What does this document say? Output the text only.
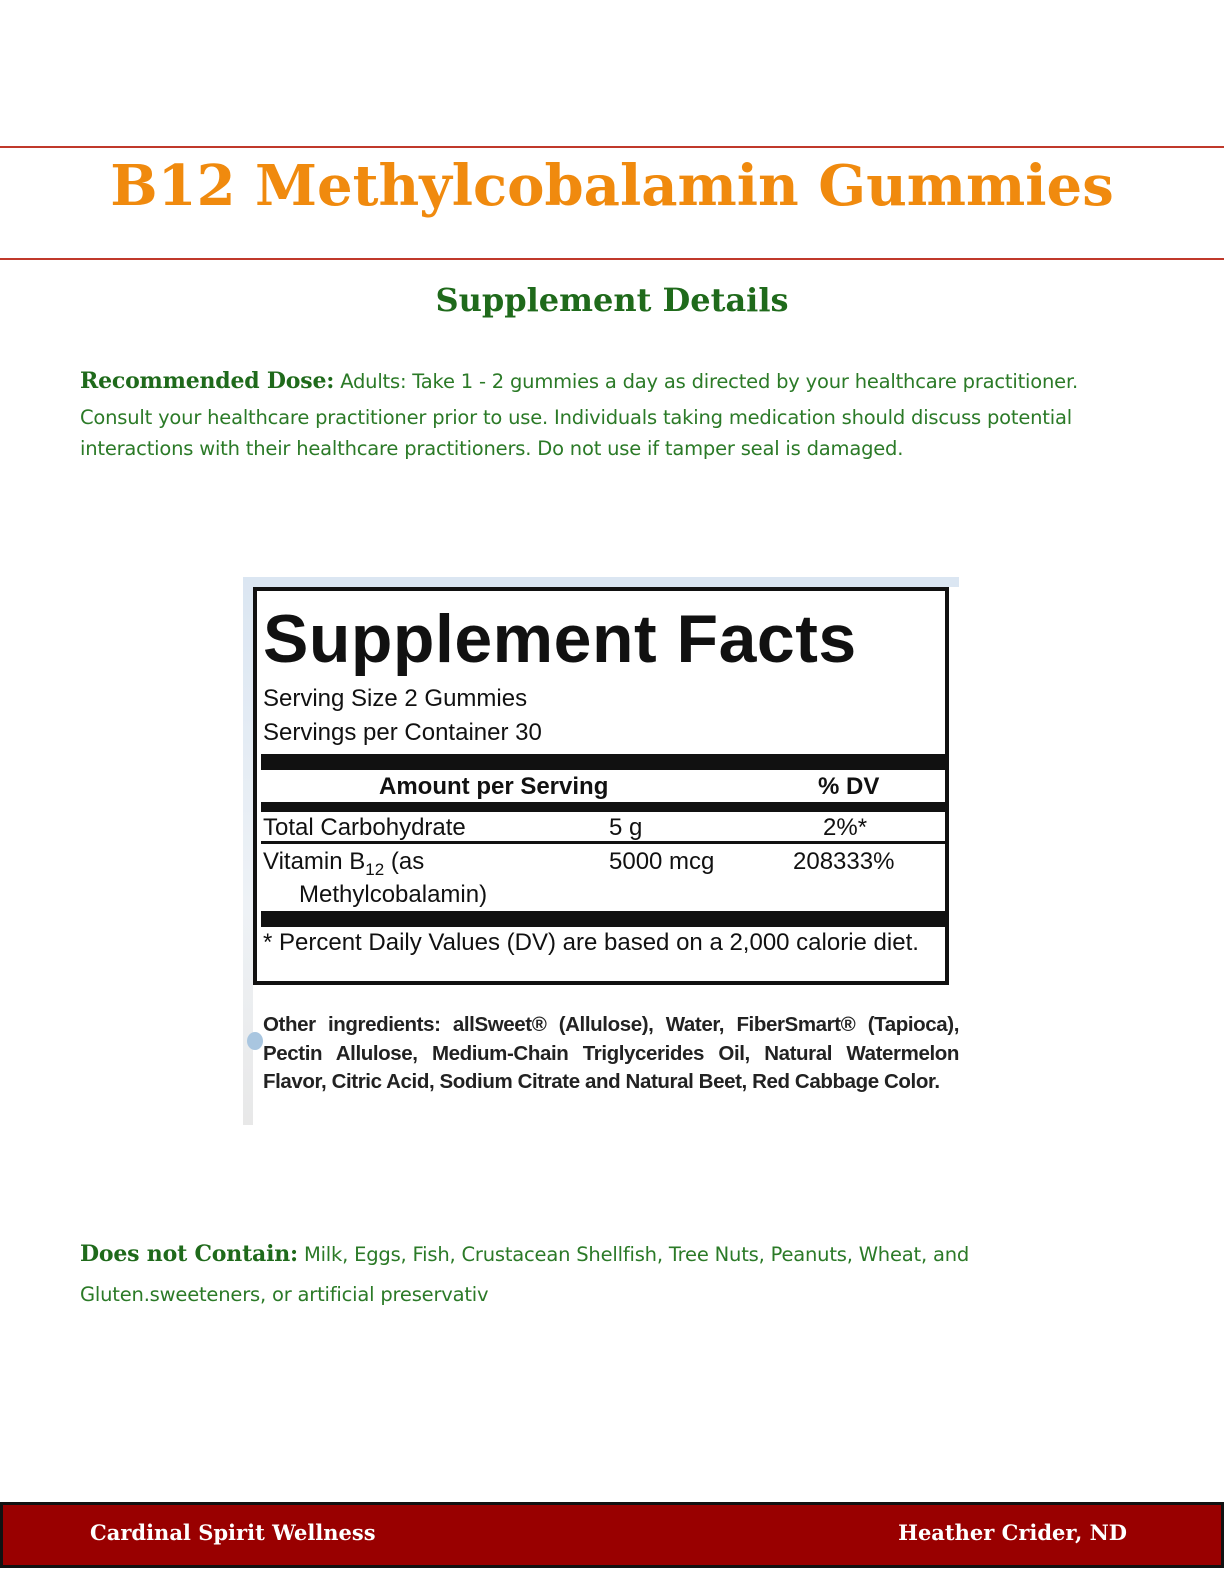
B12 Methylcobalamin Gummies
Supplement Details
Recommended Dose: Adults: Take 1 - 2 gummies a day as directed by your healthcare practitioner.
Consult your healthcare practitioner prior to use. Individuals taking medication should discuss potential interactions with their healthcare practitioners. Do not use if tamper seal is damaged.
Supplement Facts
Serving Size 2 Gummies
Servings per Container 30
Amount per Serving	% DV
Total Carbohydrate	5 g	2%*
Vitamin $B_{12}$ (as	5000 mcg	208333%
Methylcobalamin)
* Percent Daily Values (DV) are based on a 2,000 calorie diet.
Other ingredients: allSweet® (Allulose), Water, FiberSmart® (Tapioca), Pectin Allulose, Medium-Chain Triglycerides Oil, Natural Watermelon Flavor, Citric Acid, Sodium Citrate and Natural Beet, Red Cabbage Color.
Does not Contain: Milk, Eggs, Fish, Crustacean Shellfish, Tree Nuts, Peanuts, Wheat, and Gluten.sweeteners, or artificial preservativ
Cardinal Spirit Wellness	Heather Crider, ND
